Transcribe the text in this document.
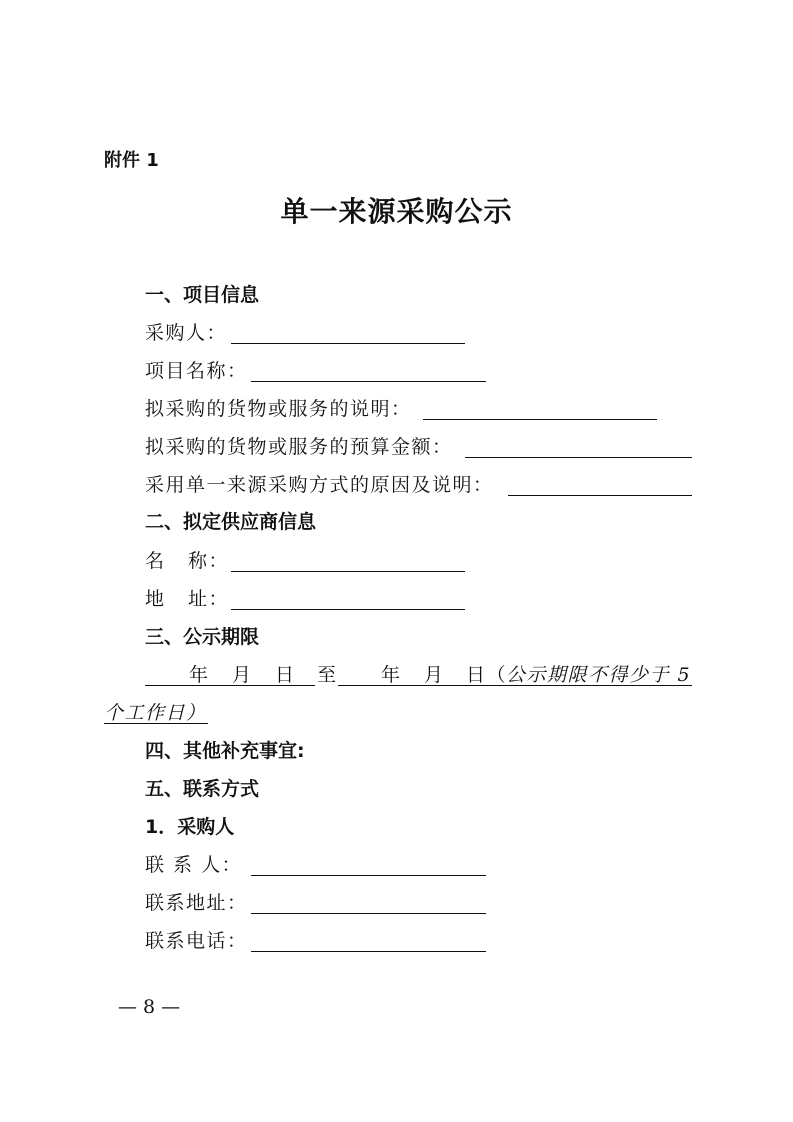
附件 1
单一来源采购公示
一、项目信息
采购人：
项目名称：
拟采购的货物或服务的说明：
拟采购的货物或服务的预算金额：
采用单一来源采购方式的原因及说明：
二、拟定供应商信息
名 称：
地 址：
三、公示期限
年 月 日 至 年 月 日（
公示期限不得少于 5
个工作日）
四、其他补充事宜:
五、联系方式
1．采购人
联 系 人：
联系地址：
联系电话：
— 8 —
